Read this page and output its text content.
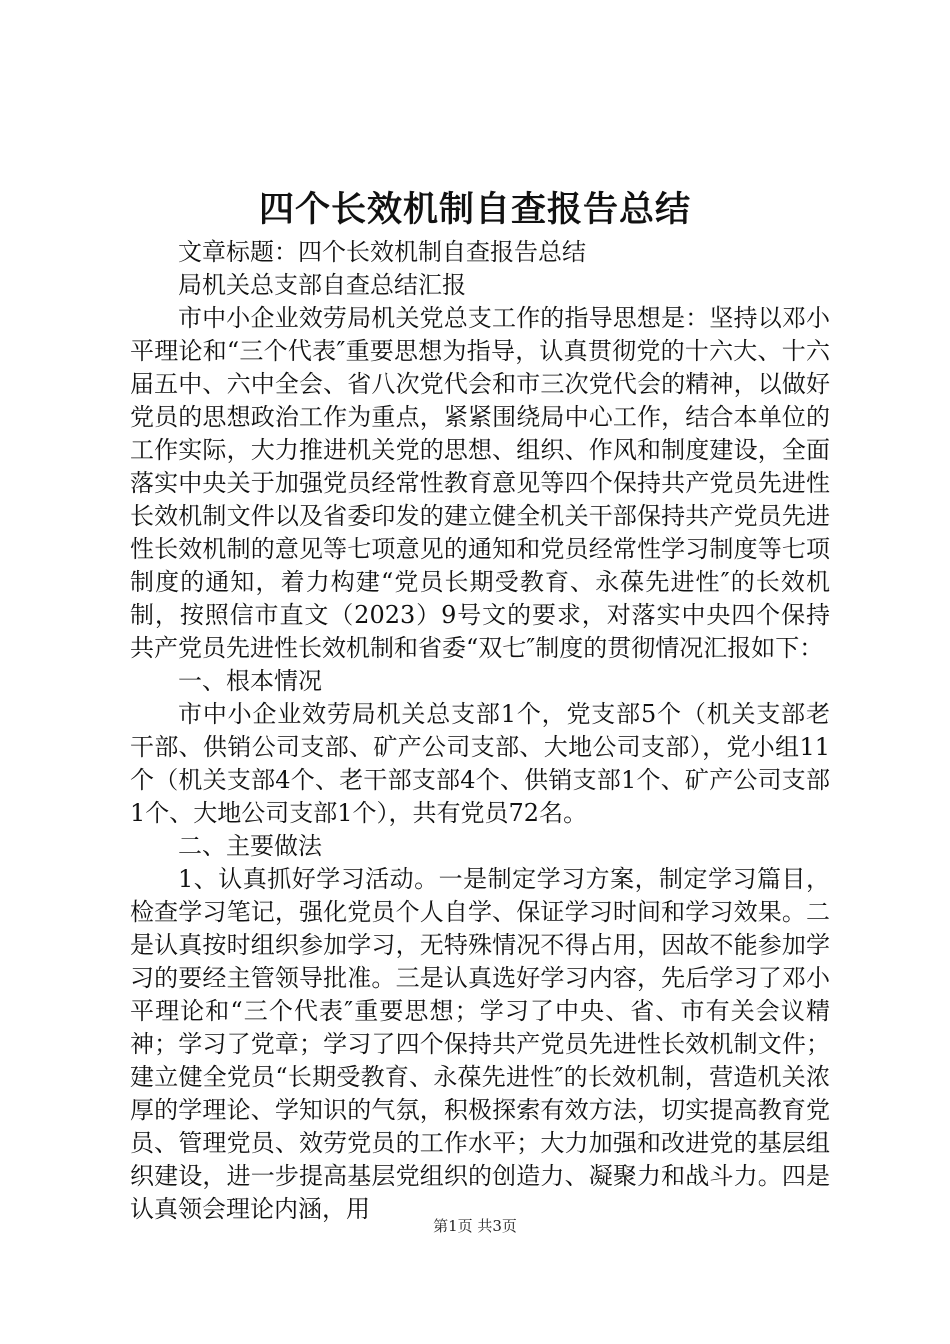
四个长效机制自查报告总结

文章标题：四个长效机制自查报告总结

局机关总支部自查总结汇报

市中小企业效劳局机关党总支工作的指导思想是：坚持以邓小平理论和“三个代表″重要思想为指导，认真贯彻党的十六大、十六届五中、六中全会、省八次党代会和市三次党代会的精神，以做好党员的思想政治工作为重点，紧紧围绕局中心工作，结合本单位的工作实际，大力推进机关党的思想、组织、作风和制度建设，全面落实中央关于加强党员经常性教育意见等四个保持共产党员先进性长效机制文件以及省委印发的建立健全机关干部保持共产党员先进性长效机制的意见等七项意见的通知和党员经常性学习制度等七项制度的通知，着力构建“党员长期受教育、永葆先进性″的长效机制，按照信市直文（2023）9号文的要求，对落实中央四个保持共产党员先进性长效机制和省委“双七″制度的贯彻情况汇报如下：

一、根本情况

市中小企业效劳局机关总支部1个，党支部5个（机关支部老干部、供销公司支部、矿产公司支部、大地公司支部），党小组11个（机关支部4个、老干部支部4个、供销支部1个、矿产公司支部1个、大地公司支部1个），共有党员72名。

二、主要做法

1、认真抓好学习活动。一是制定学习方案，制定学习篇目，检查学习笔记，强化党员个人自学、保证学习时间和学习效果。二是认真按时组织参加学习，无特殊情况不得占用，因故不能参加学习的要经主管领导批准。三是认真选好学习内容，先后学习了邓小平理论和“三个代表″重要思想；学习了中央、省、市有关会议精神；学习了党章；学习了四个保持共产党员先进性长效机制文件；建立健全党员“长期受教育、永葆先进性″的长效机制，营造机关浓厚的学理论、学知识的气氛，积极探索有效方法，切实提高教育党员、管理党员、效劳党员的工作水平；大力加强和改进党的基层组织建设，进一步提高基层党组织的创造力、凝聚力和战斗力。四是认真领会理论内涵，用

第1页 共3页
